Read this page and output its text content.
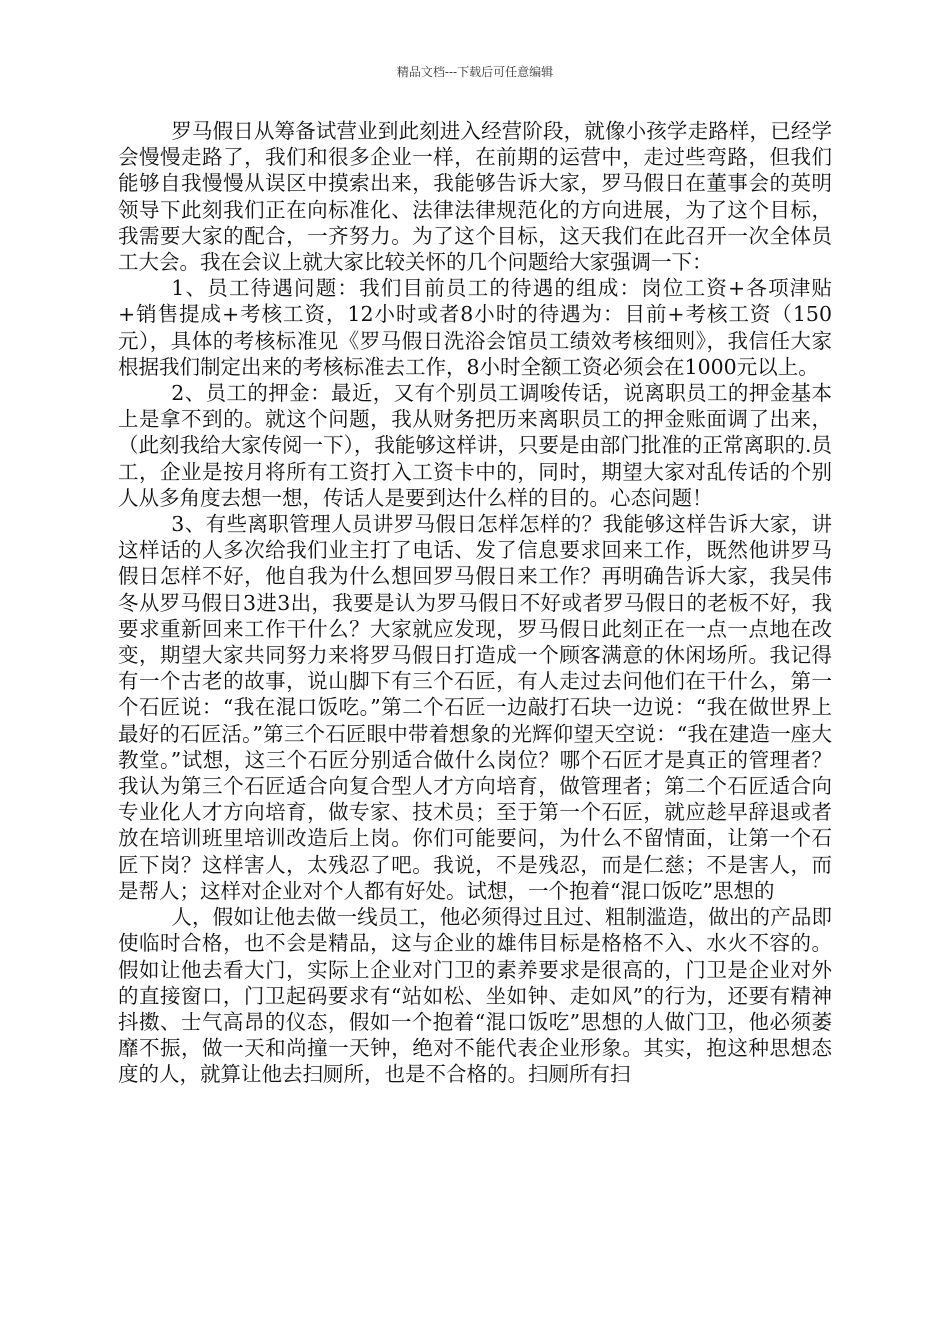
精品文档---下载后可任意编辑

罗马假日从筹备试营业到此刻进入经营阶段，就像小孩学走路样，已经学会慢慢走路了，我们和很多企业一样，在前期的运营中，走过些弯路，但我们能够自我慢慢从误区中摸索出来，我能够告诉大家，罗马假日在董事会的英明领导下此刻我们正在向标准化、法律法律规范化的方向进展，为了这个目标，我需要大家的配合，一齐努力。为了这个目标，这天我们在此召开一次全体员工大会。我在会议上就大家比较关怀的几个问题给大家强调一下：

1、员工待遇问题：我们目前员工的待遇的组成：岗位工资+各项津贴+销售提成+考核工资，12小时或者8小时的待遇为：目前+考核工资（150元），具体的考核标准见《罗马假日洗浴会馆员工绩效考核细则》，我信任大家根据我们制定出来的考核标准去工作，8小时全额工资必须会在1000元以上。

2、员工的押金：最近，又有个别员工调唆传话，说离职员工的押金基本上是拿不到的。就这个问题，我从财务把历来离职员工的押金账面调了出来，（此刻我给大家传阅一下），我能够这样讲，只要是由部门批准的正常离职的.员工，企业是按月将所有工资打入工资卡中的，同时，期望大家对乱传话的个别人从多角度去想一想，传话人是要到达什么样的目的。心态问题！

3、有些离职管理人员讲罗马假日怎样怎样的？我能够这样告诉大家，讲这样话的人多次给我们业主打了电话、发了信息要求回来工作，既然他讲罗马假日怎样不好，他自我为什么想回罗马假日来工作？再明确告诉大家，我吴伟冬从罗马假日3进3出，我要是认为罗马假日不好或者罗马假日的老板不好，我要求重新回来工作干什么？大家就应发现，罗马假日此刻正在一点一点地在改变，期望大家共同努力来将罗马假日打造成一个顾客满意的休闲场所。我记得有一个古老的故事，说山脚下有三个石匠，有人走过去问他们在干什么，第一个石匠说：“我在混口饭吃。”第二个石匠一边敲打石块一边说：“我在做世界上最好的石匠活。”第三个石匠眼中带着想象的光辉仰望天空说：“我在建造一座大教堂。”试想，这三个石匠分别适合做什么岗位？哪个石匠才是真正的管理者？我认为第三个石匠适合向复合型人才方向培育，做管理者；第二个石匠适合向专业化人才方向培育，做专家、技术员；至于第一个石匠，就应趁早辞退或者放在培训班里培训改造后上岗。你们可能要问，为什么不留情面，让第一个石匠下岗？这样害人，太残忍了吧。我说，不是残忍，而是仁慈；不是害人，而是帮人；这样对企业对个人都有好处。试想，一个抱着“混口饭吃”思想的

人，假如让他去做一线员工，他必须得过且过、粗制滥造，做出的产品即使临时合格，也不会是精品，这与企业的雄伟目标是格格不入、水火不容的。假如让他去看大门，实际上企业对门卫的素养要求是很高的，门卫是企业对外的直接窗口，门卫起码要求有“站如松、坐如钟、走如风”的行为，还要有精神抖擞、士气高昂的仪态，假如一个抱着“混口饭吃”思想的人做门卫，他必须萎靡不振，做一天和尚撞一天钟，绝对不能代表企业形象。其实，抱这种思想态度的人，就算让他去扫厕所，也是不合格的。扫厕所有扫
